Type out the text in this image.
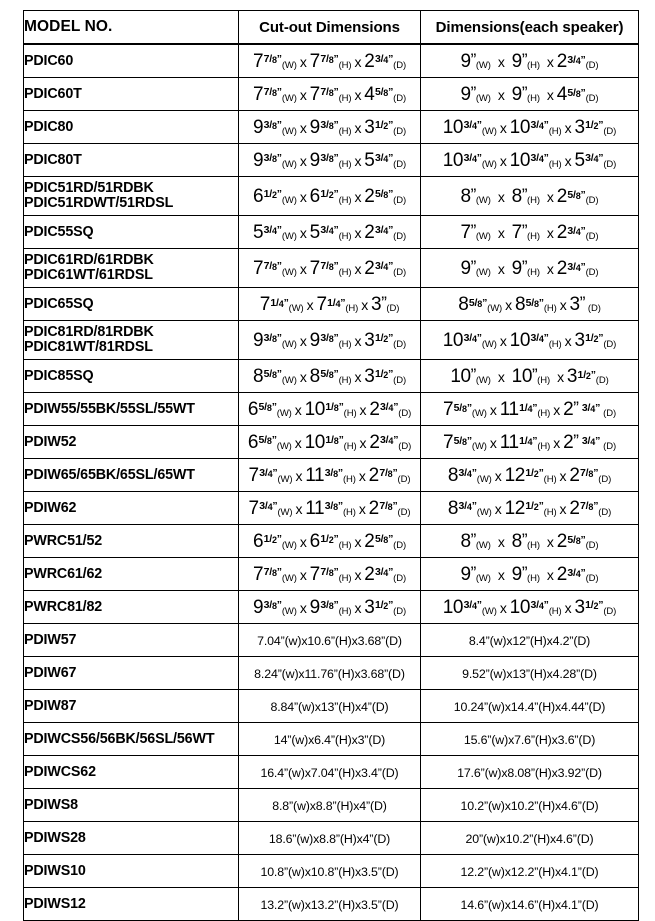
MODEL NO.	Cut-out Dimensions	Dimensions(each speaker)

PDIC60	77/8”(W) x 77/8”(H) x 23/4”(D)	9”(W) x 9”(H) x 23/4”(D)

PDIC60T	77/8”(W) x 77/8”(H) x 45/8”(D)	9”(W) x 9”(H) x 45/8”(D)

PDIC80	93/8”(W) x 93/8”(H) x 31/2”(D)	103/4”(W) x 103/4”(H) x 31/2”(D)

PDIC80T	93/8”(W) x 93/8”(H) x 53/4”(D)	103/4”(W) x 103/4”(H) x 53/4”(D)

PDIC51RD/51RDBK
PDIC51RDWT/51RDSL	61/2”(W) x 61/2”(H) x 25/8”(D)	8”(W) x 8”(H) x 25/8”(D)

PDIC55SQ	53/4”(W) x 53/4”(H) x 23/4”(D)	7”(W) x 7”(H) x 23/4”(D)

PDIC61RD/61RDBK
PDIC61WT/61RDSL	77/8”(W) x 77/8”(H) x 23/4”(D)	9”(W) x 9”(H) x 23/4”(D)

PDIC65SQ	71/4”(W) x 71/4”(H) x 3”(D)	85/8”(W) x 85/8”(H) x 3” (D)

PDIC81RD/81RDBK
PDIC81WT/81RDSL	93/8”(W) x 93/8”(H) x 31/2”(D)	103/4”(W) x 103/4”(H) x 31/2”(D)

PDIC85SQ	85/8”(W) x 85/8”(H) x 31/2”(D)	10”(W) x 10”(H) x 31/2”(D)

PDIW55/55BK/55SL/55WT	65/8”(W) x 101/8”(H) x 23/4”(D)	75/8”(W) x 111/4”(H) x 2” 3/4” (D)

PDIW52	65/8”(W) x 101/8”(H) x 23/4”(D)	75/8”(W) x 111/4”(H) x 2” 3/4” (D)

PDIW65/65BK/65SL/65WT	73/4”(W) x 113/8”(H) x 27/8”(D)	83/4”(W) x 121/2”(H) x 27/8”(D)

PDIW62	73/4”(W) x 113/8”(H) x 27/8”(D)	83/4”(W) x 121/2”(H) x 27/8”(D)

PWRC51/52	61/2”(W) x 61/2”(H) x 25/8”(D)	8”(W) x 8”(H) x 25/8”(D)

PWRC61/62	77/8”(W) x 77/8”(H) x 23/4”(D)	9”(W) x 9”(H) x 23/4”(D)

PWRC81/82	93/8”(W) x 93/8”(H) x 31/2”(D)	103/4”(W) x 103/4”(H) x 31/2”(D)

PDIW57	7.04”(w)x10.6”(H)x3.68”(D)	8.4”(w)x12”(H)x4.2”(D)

PDIW67	8.24”(w)x11.76”(H)x3.68”(D)	9.52”(w)x13”(H)x4.28”(D)

PDIW87	8.84”(w)x13”(H)x4”(D)	10.24”(w)x14.4”(H)x4.44”(D)

PDIWCS56/56BK/56SL/56WT	14”(w)x6.4”(H)x3”(D)	15.6”(w)x7.6”(H)x3.6”(D)

PDIWCS62	16.4”(w)x7.04”(H)x3.4”(D)	17.6”(w)x8.08”(H)x3.92”(D)

PDIWS8	8.8”(w)x8.8”(H)x4”(D)	10.2”(w)x10.2”(H)x4.6”(D)

PDIWS28	18.6”(w)x8.8”(H)x4”(D)	20”(w)x10.2”(H)x4.6”(D)

PDIWS10	10.8”(w)x10.8”(H)x3.5”(D)	12.2”(w)x12.2”(H)x4.1”(D)

PDIWS12	13.2”(w)x13.2”(H)x3.5”(D)	14.6”(w)x14.6”(H)x4.1”(D)
